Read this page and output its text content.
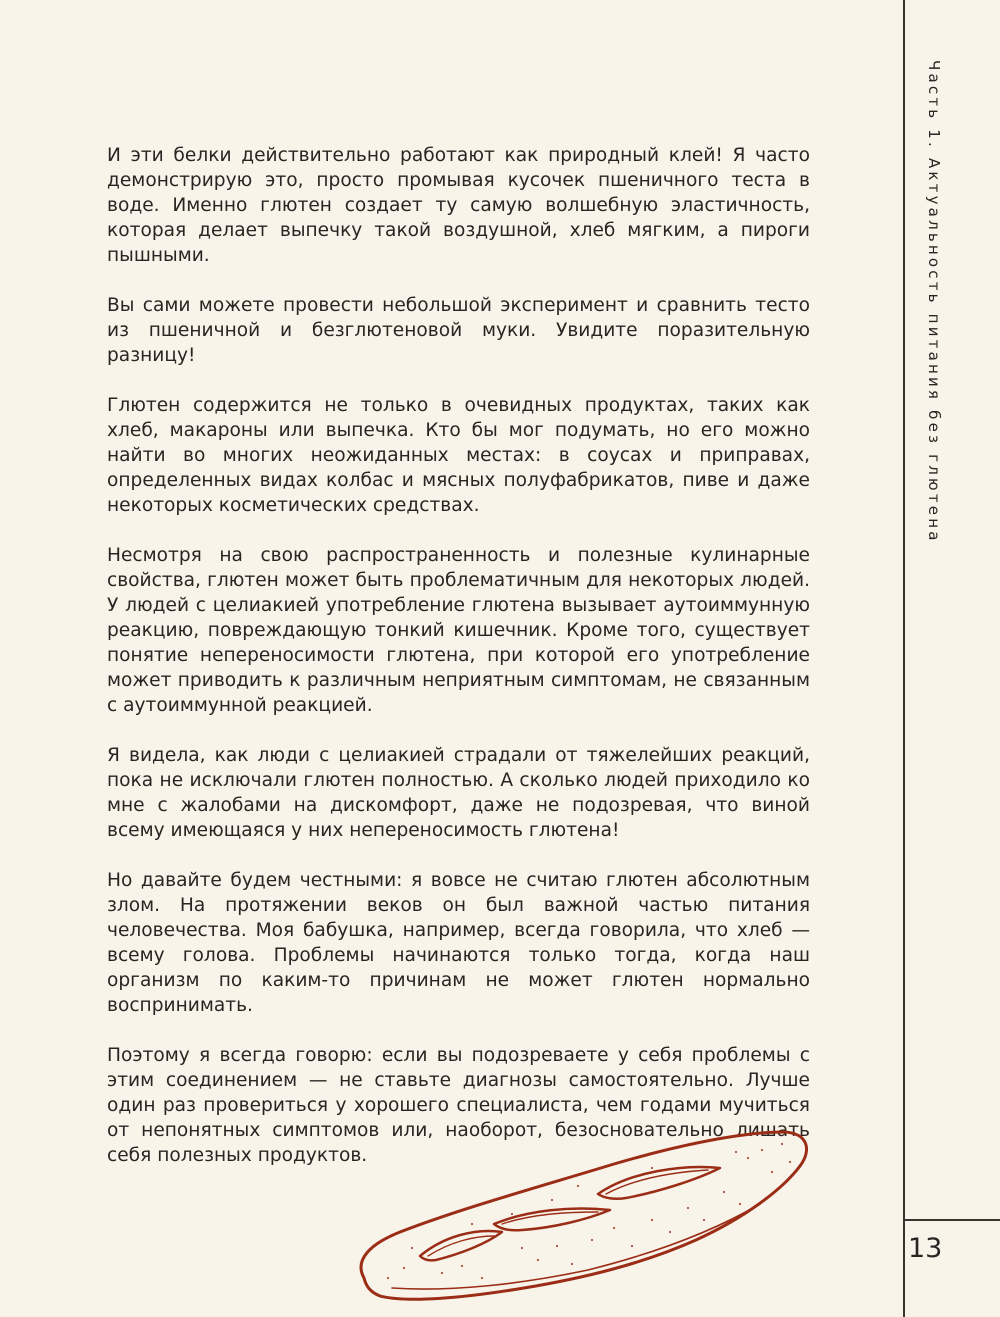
Часть 1. Актуальность питания без глютена
13

И эти белки действительно работают как природный клей! Я часто демонстрирую это, просто промывая кусочек пшеничного теста в воде. Именно глютен создает ту самую волшебную эластичность, которая делает выпечку такой воздушной, хлеб мягким, а пироги пышными.

Вы сами можете провести небольшой эксперимент и сравнить тесто из пшеничной и безглютеновой муки. Увидите поразительную разницу!

Глютен содержится не только в очевидных продуктах, таких как хлеб, макароны или выпечка. Кто бы мог подумать, но его можно найти во многих неожиданных местах: в соусах и приправах, определенных видах колбас и мясных полуфабрикатов, пиве и даже некоторых косметических средствах.

Несмотря на свою распространенность и полезные кулинарные свойства, глютен может быть проблематичным для некоторых людей. У людей с целиакией употребление глютена вызывает аутоиммунную реакцию, повреждающую тонкий кишечник. Кроме того, существует понятие непереносимости глютена, при которой его употребление может приводить к различным неприятным симптомам, не связанным с аутоиммунной реакцией.

Я видела, как люди с целиакией страдали от тяжелейших реакций, пока не исключали глютен полностью. А сколько людей приходило ко мне с жалобами на дискомфорт, даже не подозревая, что виной всему имеющаяся у них непереносимость глютена!

Но давайте будем честными: я вовсе не считаю глютен абсолютным злом. На протяжении веков он был важной частью питания человечества. Моя бабушка, например, всегда говорила, что хлеб — всему голова. Проблемы начинаются только тогда, когда наш организм по каким-то причинам не может глютен нормально воспринимать.

Поэтому я всегда говорю: если вы подозреваете у себя проблемы с этим соединением — не ставьте диагнозы самостоятельно. Лучше один раз провериться у хорошего специалиста, чем годами мучиться от непонятных симптомов или, наоборот, безосновательно лишать себя полезных продуктов.
